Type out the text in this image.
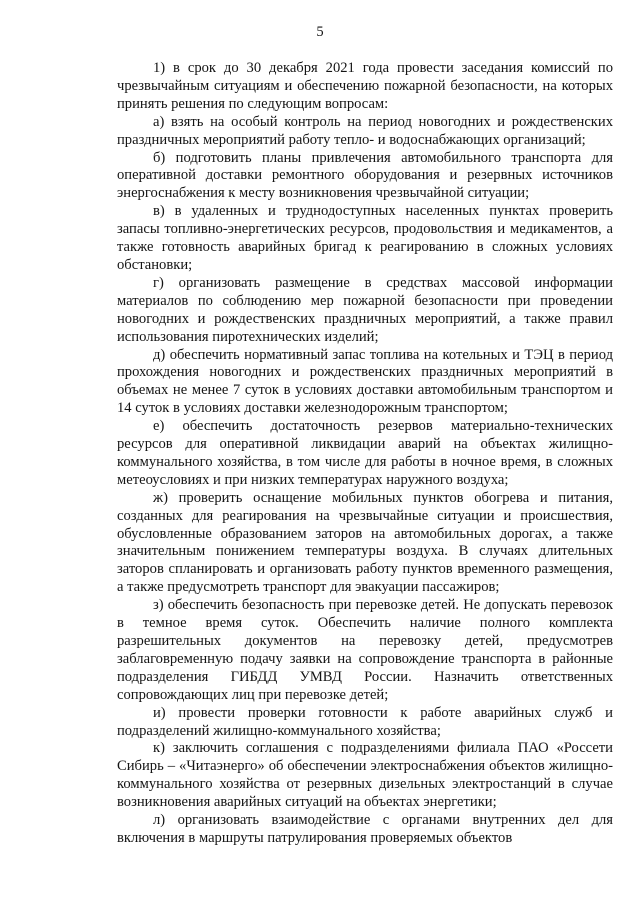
5

1) в срок до 30 декабря 2021 года провести заседания комиссий по чрезвычайным ситуациям и обеспечению пожарной безопасности, на которых принять решения по следующим вопросам:

а) взять на особый контроль на период новогодних и рождественских праздничных мероприятий работу тепло- и водоснабжающих организаций;

б) подготовить планы привлечения автомобильного транспорта для оперативной доставки ремонтного оборудования и резервных источников энергоснабжения к месту возникновения чрезвычайной ситуации;

в) в удаленных и труднодоступных населенных пунктах проверить запасы топливно-энергетических ресурсов, продовольствия и медикаментов, а также готовность аварийных бригад к реагированию в сложных условиях обстановки;

г) организовать размещение в средствах массовой информации материалов по соблюдению мер пожарной безопасности при проведении новогодних и рождественских праздничных мероприятий, а также правил использования пиротехнических изделий;

д) обеспечить нормативный запас топлива на котельных и ТЭЦ в период прохождения новогодних и рождественских праздничных мероприятий в объемах не менее 7 суток в условиях доставки автомобильным транспортом и 14 суток в условиях доставки железнодорожным транспортом;

е) обеспечить достаточность резервов материально-технических ресурсов для оперативной ликвидации аварий на объектах жилищно-коммунального хозяйства, в том числе для работы в ночное время, в сложных метеоусловиях и при низких температурах наружного воздуха;

ж) проверить оснащение мобильных пунктов обогрева и питания, созданных для реагирования на чрезвычайные ситуации и происшествия, обусловленные образованием заторов на автомобильных дорогах, а также значительным понижением температуры воздуха. В случаях длительных заторов спланировать и организовать работу пунктов временного размещения, а также предусмотреть транспорт для эвакуации пассажиров;

з) обеспечить безопасность при перевозке детей. Не допускать перевозок в темное время суток. Обеспечить наличие полного комплекта разрешительных документов на перевозку детей, предусмотрев заблаговременную подачу заявки на сопровождение транспорта в районные подразделения ГИБДД УМВД России. Назначить ответственных сопровождающих лиц при перевозке детей;

и) провести проверки готовности к работе аварийных служб и подразделений жилищно-коммунального хозяйства;

к) заключить соглашения с подразделениями филиала ПАО «Россети Сибирь – «Читаэнерго» об обеспечении электроснабжения объектов жилищно-коммунального хозяйства от резервных дизельных электростанций в случае возникновения аварийных ситуаций на объектах энергетики;

л) организовать взаимодействие с органами внутренних дел для включения в маршруты патрулирования проверяемых объектов
